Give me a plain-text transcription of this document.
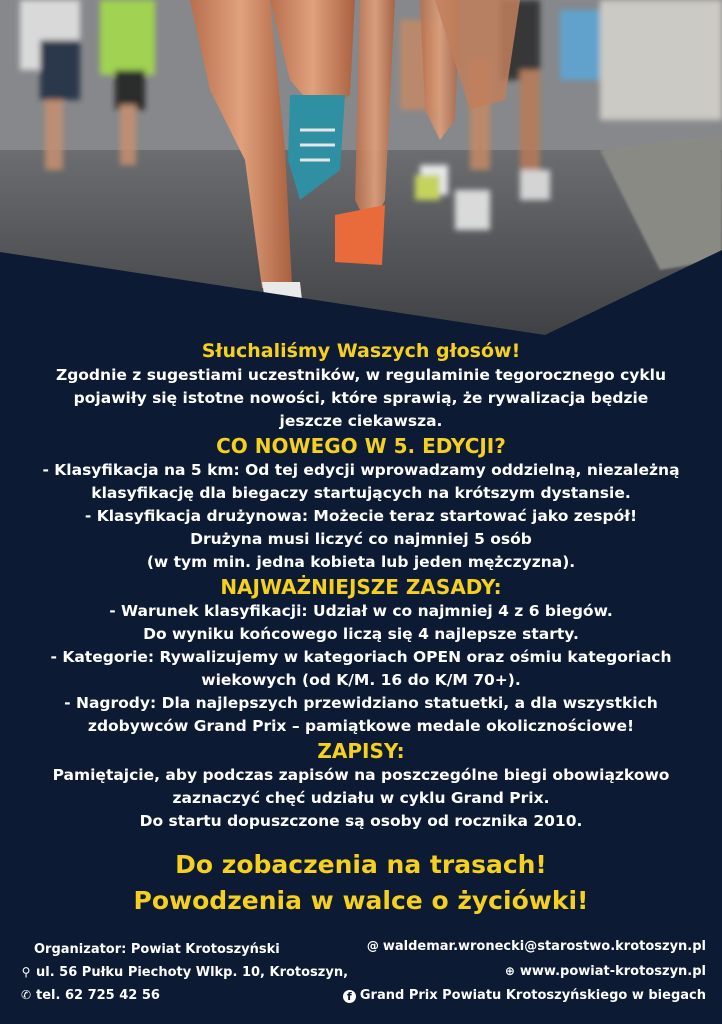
Słuchaliśmy Waszych głosów!

Zgodnie z sugestiami uczestników, w regulaminie tegorocznego cyklu

pojawiły się istotne nowości, które sprawią, że rywalizacja będzie

jeszcze ciekawsza.

CO NOWEGO W 5. EDYCJI?

- Klasyfikacja na 5 km: Od tej edycji wprowadzamy oddzielną, niezależną

klasyfikację dla biegaczy startujących na krótszym dystansie.

- Klasyfikacja drużynowa: Możecie teraz startować jako zespół!

Drużyna musi liczyć co najmniej 5 osób

(w tym min. jedna kobieta lub jeden mężczyzna).

NAJWAŻNIEJSZE ZASADY:

- Warunek klasyfikacji: Udział w co najmniej 4 z 6 biegów.

Do wyniku końcowego liczą się 4 najlepsze starty.

- Kategorie: Rywalizujemy w kategoriach OPEN oraz ośmiu kategoriach

wiekowych (od K/M. 16 do K/M 70+).

- Nagrody: Dla najlepszych przewidziano statuetki, a dla wszystkich

zdobywców Grand Prix – pamiątkowe medale okolicznościowe!

ZAPISY:

Pamiętajcie, aby podczas zapisów na poszczególne biegi obowiązkowo

zaznaczyć chęć udziału w cyklu Grand Prix.

Do startu dopuszczone są osoby od rocznika 2010.

Do zobaczenia na trasach!

Powodzenia w walce o życiówki!

Organizator: Powiat Krotoszyński
⚲ ul. 56 Pułku Piechoty Wlkp. 10, Krotoszyn,
✆ tel. 62 725 42 56
@ waldemar.wronecki@starostwo.krotoszyn.pl
⊕ www.powiat-krotoszyn.pl
f Grand Prix Powiatu Krotoszyńskiego w biegach
